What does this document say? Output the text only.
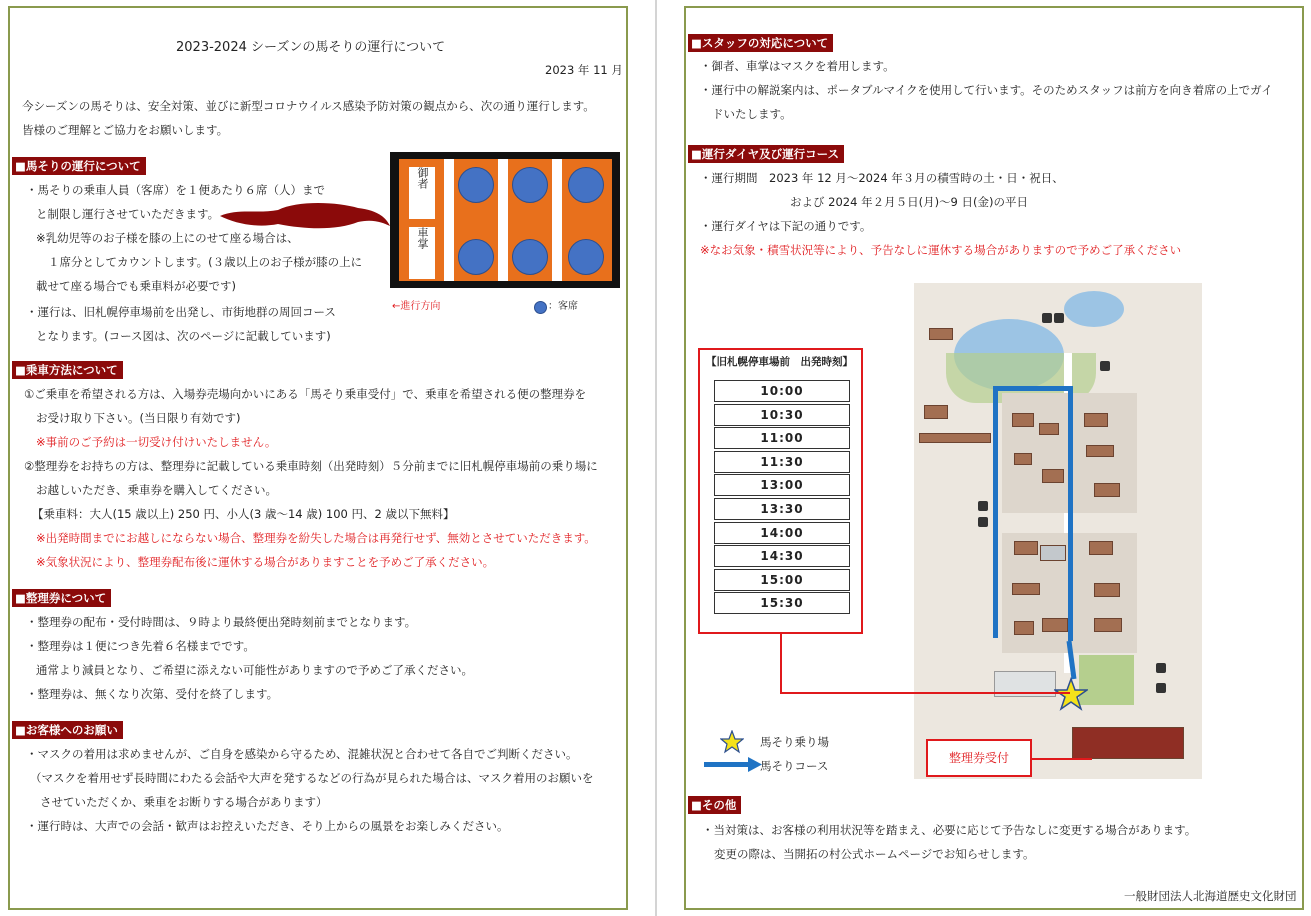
2023-2024 シーズンの馬そりの運行について
2023 年 11 月
今シーズンの馬そりは、安全対策、並びに新型コロナウイルス感染予防対策の観点から、次の通り運行します。
皆様のご理解とご協力をお願いします。
■馬そりの運行について
・馬そりの乗車人員（客席）を１便あたり６席（人）まで
と制限し運行させていただきます。
※乳幼児等のお子様を膝の上にのせて座る場合は、
１席分としてカウントします。(３歳以上のお子様が膝の上に
載せて座る場合でも乗車料が必要です)
・運行は、旧札幌停車場前を出発し、市街地群の周回コース
となります。(コース図は、次のページに記載しています)
御者
車掌
←進行方向	：客席
■乗車方法について
①ご乗車を希望される方は、入場券売場向かいにある「馬そり乗車受付」で、乗車を希望される便の整理券を
お受け取り下さい。(当日限り有効です)
※事前のご予約は一切受け付けいたしません。
②整理券をお持ちの方は、整理券に記載している乗車時刻（出発時刻）５分前までに旧札幌停車場前の乗り場に
お越しいただき、乗車券を購入してください。
【乗車料：大人(15 歳以上) 250 円、小人(3 歳～14 歳) 100 円、2 歳以下無料】
※出発時間までにお越しにならない場合、整理券を紛失した場合は再発行せず、無効とさせていただきます。
※気象状況により、整理券配布後に運休する場合がありますことを予めご了承ください。
■整理券について
・整理券の配布・受付時間は、９時より最終便出発時刻前までとなります。
・整理券は１便につき先着６名様までです。
通常より減員となり、ご希望に添えない可能性がありますので予めご了承ください。
・整理券は、無くなり次第、受付を終了します。
■お客様へのお願い
・マスクの着用は求めませんが、ご自身を感染から守るため、混雑状況と合わせて各自でご判断ください。
（マスクを着用せず長時間にわたる会話や大声を発するなどの行為が見られた場合は、マスク着用のお願いを
させていただくか、乗車をお断りする場合があります）
・運行時は、大声での会話・歓声はお控えいただき、そり上からの風景をお楽しみください。
■スタッフの対応について
・御者、車掌はマスクを着用します。
・運行中の解説案内は、ポータブルマイクを使用して行います。そのためスタッフは前方を向き着席の上でガイ
ドいたします。
■運行ダイヤ及び運行コース
・運行期間　2023 年 12 月～2024 年３月の積雪時の土・日・祝日、
および 2024 年２月５日(月)～9 日(金)の平日
・運行ダイヤは下記の通りです。
※なお気象・積雪状況等により、予告なしに運休する場合がありますので予めご了承ください
【旧札幌停車場前　出発時刻】
10:00
10:30
11:00
11:30
13:00
13:30
14:00
14:30
15:00
15:30
整理券受付
馬そり乗り場
馬そりコース
■その他
・当対策は、お客様の利用状況等を踏まえ、必要に応じて予告なしに変更する場合があります。
変更の際は、当開拓の村公式ホームページでお知らせします。
一般財団法人北海道歴史文化財団
